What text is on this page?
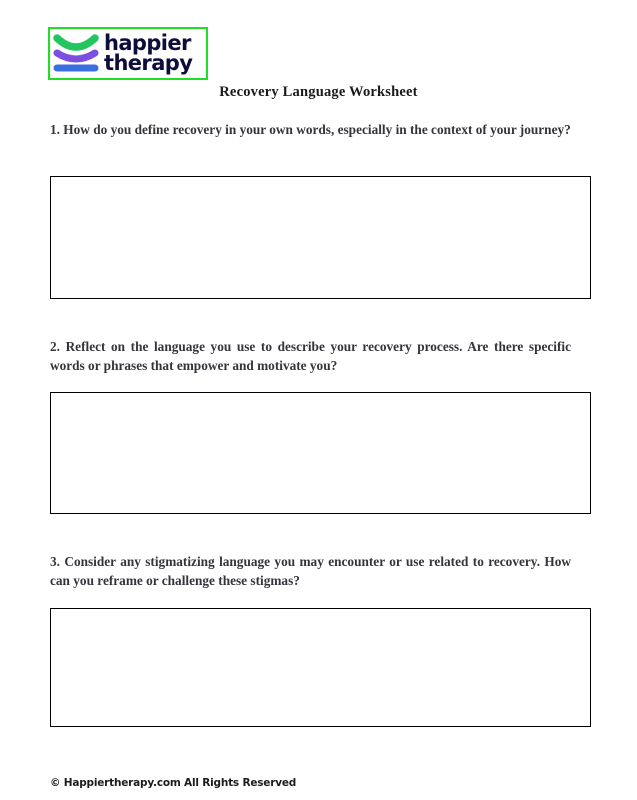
happier
therapy
Recovery Language Worksheet

1. How do you define recovery in your own words, especially in the context of your journey?

2. Reflect on the language you use to describe your recovery process. Are there specific words or phrases that empower and motivate you?

3. Consider any stigmatizing language you may encounter or use related to recovery. How can you reframe or challenge these stigmas?

© Happiertherapy.com All Rights Reserved
